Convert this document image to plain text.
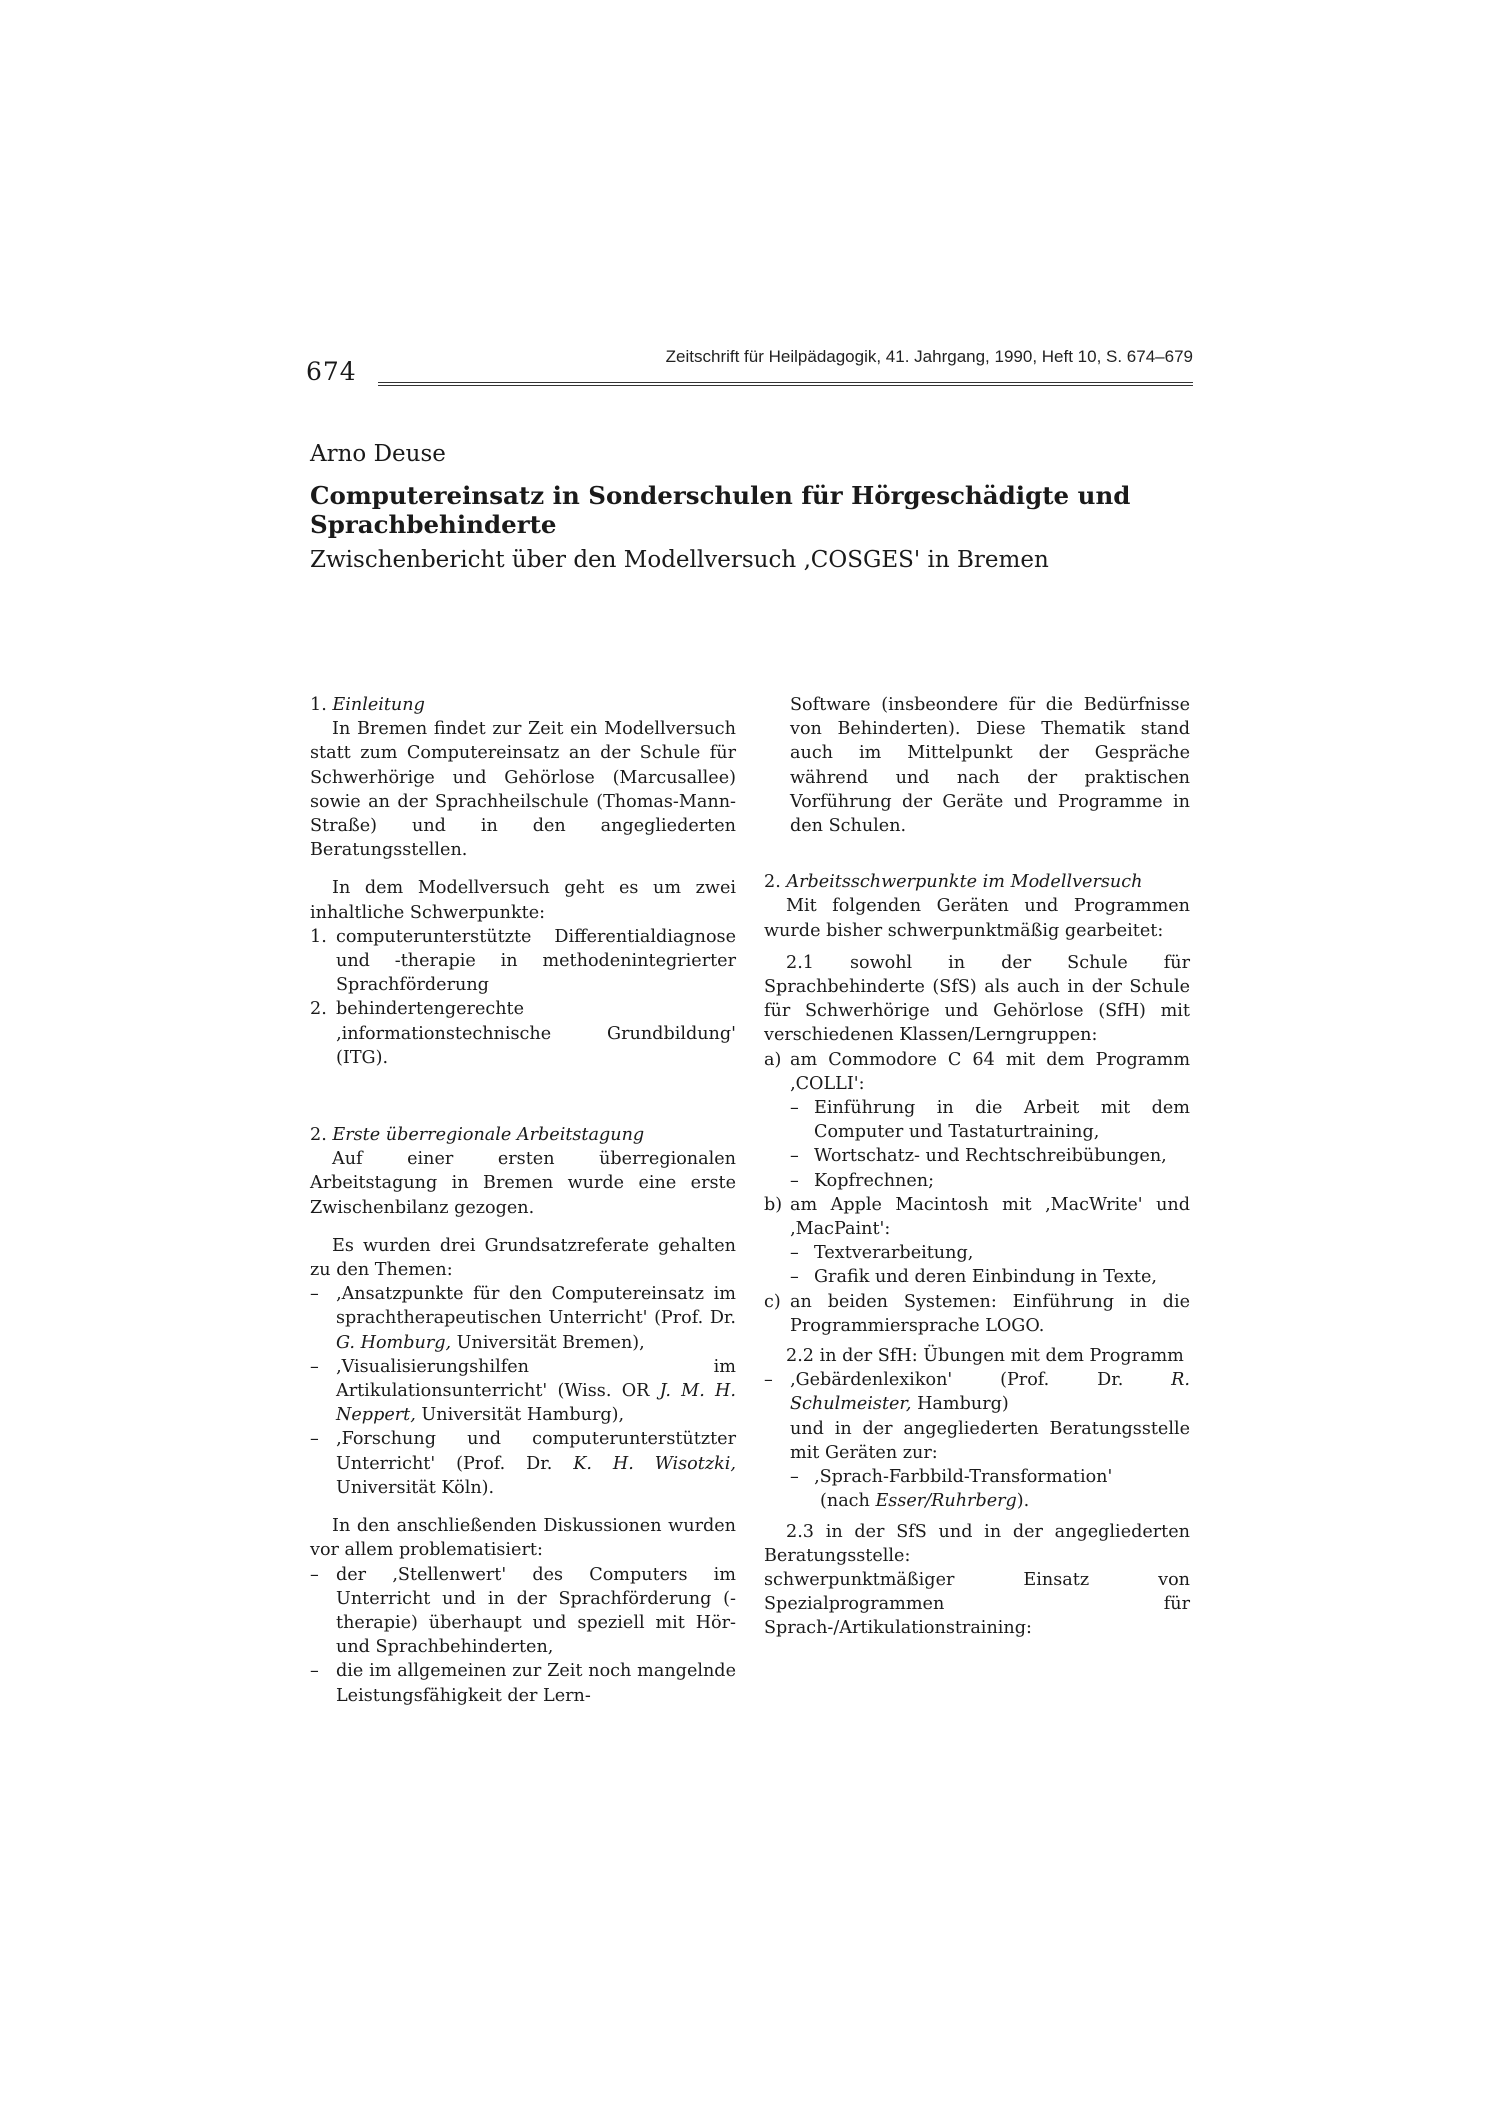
674
Zeitschrift für Heilpädagogik, 41. Jahrgang, 1990, Heft 10, S. 674–679
Arno Deuse
Computereinsatz in Sonderschulen für Hörgeschädigte und Sprachbehinderte
Zwischenbericht über den Modellversuch ‚COSGES' in Bremen

1. Einleitung

In Bremen findet zur Zeit ein Modellversuch statt zum Computereinsatz an der Schule für Schwerhörige und Gehörlose (Marcusallee) sowie an der Sprachheilschule (Thomas-Mann-Straße) und in den angegliederten Beratungsstellen.

In dem Modellversuch geht es um zwei inhaltliche Schwerpunkte:

1. computerunterstützte Differentialdiagnose und -therapie in methodenintegrierter Sprachförderung
2. behindertengerechte ‚informationstechnische Grundbildung' (ITG).

2. Erste überregionale Arbeitstagung

Auf einer ersten überregionalen Arbeitstagung in Bremen wurde eine erste Zwischenbilanz gezogen.

Es wurden drei Grundsatzreferate gehalten zu den Themen:

– ‚Ansatzpunkte für den Computereinsatz im sprachtherapeutischen Unterricht' (Prof. Dr. G. Homburg, Universität Bremen),
– ‚Visualisierungshilfen im Artikulationsunterricht' (Wiss. OR J. M. H. Neppert, Universität Hamburg),
– ‚Forschung und computerunterstützter Unterricht' (Prof. Dr. K. H. Wisotzki, Universität Köln).

In den anschließenden Diskussionen wurden vor allem problematisiert:

– der ‚Stellenwert' des Computers im Unterricht und in der Sprachförderung (-therapie) überhaupt und speziell mit Hör- und Sprachbehinderten,
– die im allgemeinen zur Zeit noch mangelnde Leistungsfähigkeit der Lern-

Software (insbeondere für die Bedürfnisse von Behinderten). Diese Thematik stand auch im Mittelpunkt der Gespräche während und nach der praktischen Vorführung der Geräte und Programme in den Schulen.

2. Arbeitsschwerpunkte im Modellversuch

Mit folgenden Geräten und Programmen wurde bisher schwerpunktmäßig gearbeitet:

2.1 sowohl in der Schule für Sprachbehinderte (SfS) als auch in der Schule für Schwerhörige und Gehörlose (SfH) mit verschiedenen Klassen/Lerngruppen:

a) am Commodore C 64 mit dem Programm ‚COLLI':
– Einführung in die Arbeit mit dem Computer und Tastaturtraining,
– Wortschatz- und Rechtschreibübungen,
– Kopfrechnen;
b) am Apple Macintosh mit ‚MacWrite' und ‚MacPaint':
– Textverarbeitung,
– Grafik und deren Einbindung in Texte,
c) an beiden Systemen: Einführung in die Programmiersprache LOGO.

2.2 in der SfH: Übungen mit dem Programm

– ‚Gebärdenlexikon' (Prof. Dr. R. Schulmeister, Hamburg)

und in der angegliederten Beratungsstelle mit Geräten zur:

– ‚Sprach-Farbbild-Transformation'

(nach Esser/Ruhrberg).

2.3 in der SfS und in der angegliederten Beratungsstelle:

schwerpunktmäßiger Einsatz von Spezialprogrammen für Sprach-/Artikulationstraining:
